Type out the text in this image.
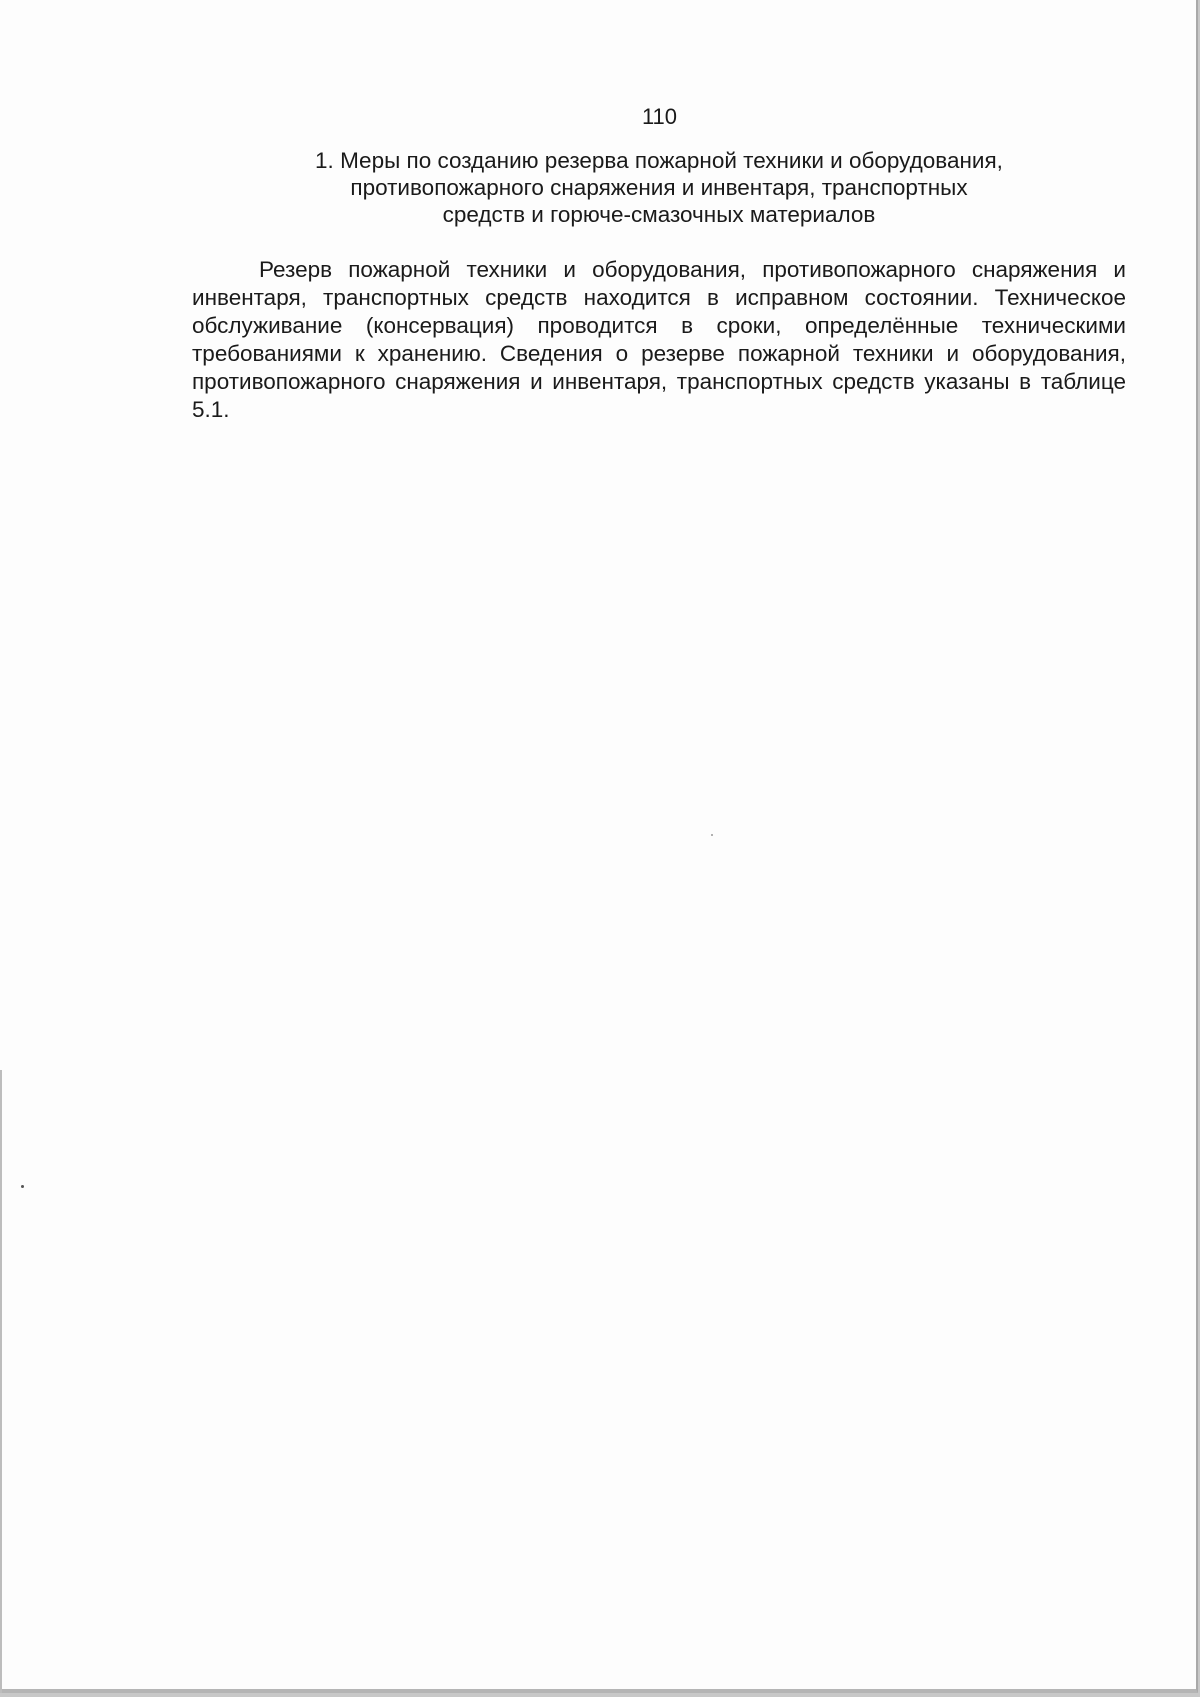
110
1. Меры по созданию резерва пожарной техники и оборудования,
противопожарного снаряжения и инвентаря, транспортных
средств и горюче-смазочных материалов

Резерв пожарной техники и оборудования, противопожарного снаряжения и инвентаря, транспортных средств находится в исправном состоянии. Техническое обслуживание (консервация) проводится в сроки, определённые техническими требованиями к хранению. Сведения о резерве пожарной техники и оборудования, противопожарного снаряжения и инвентаря, транспортных средств указаны в таблице 5.1.
